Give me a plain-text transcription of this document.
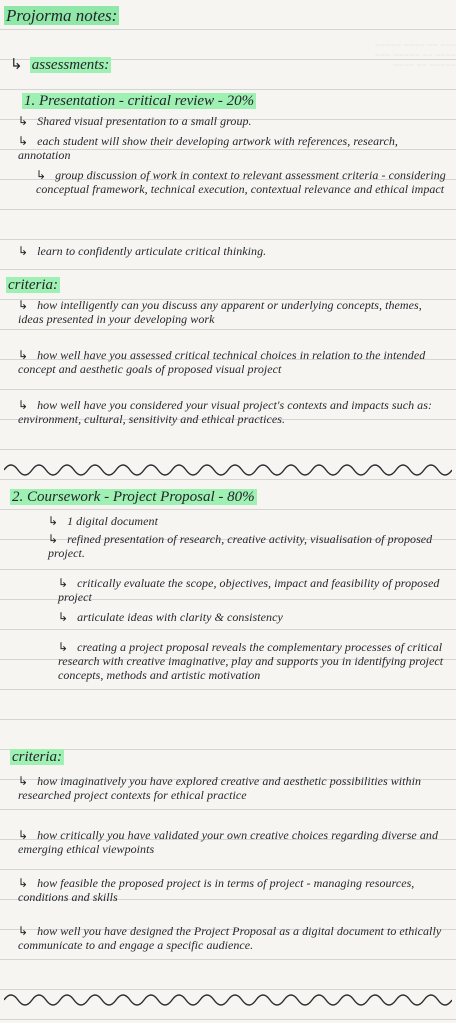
~~~~~ ~~~~ ~~ ~~~
~~~ ~~~~~ ~~ ~~~~
~~~~ ~~ ~~~~~
Projorma notes:
↳ assessments:
1. Presentation - critical review - 20%
↳ Shared visual presentation to a small group.
↳ each student will show their developing artwork with references, research, annotation
↳ group discussion of work in context to relevant assessment criteria - considering conceptual framework, technical execution, contextual relevance and ethical impact
↳ learn to confidently articulate critical thinking.
criteria:
↳ how intelligently can you discuss any apparent or underlying concepts, themes, ideas presented in your developing work
↳ how well have you assessed critical technical choices in relation to the intended concept and aesthetic goals of proposed visual project
↳ how well have you considered your visual project's contexts and impacts such as: environment, cultural, sensitivity and ethical practices.
2. Coursework - Project Proposal - 80%
↳ 1 digital document
↳ refined presentation of research, creative activity, visualisation of proposed project.
↳ critically evaluate the scope, objectives, impact and feasibility of proposed project
↳ articulate ideas with clarity & consistency
↳ creating a project proposal reveals the complementary processes of critical research with creative imaginative, play and supports you in identifying project concepts, methods and artistic motivation
criteria:
↳ how imaginatively you have explored creative and aesthetic possibilities within researched project contexts for ethical practice
↳ how critically you have validated your own creative choices regarding diverse and emerging ethical viewpoints
↳ how feasible the proposed project is in terms of project - managing resources, conditions and skills
↳ how well you have designed the Project Proposal as a digital document to ethically communicate to and engage a specific audience.
